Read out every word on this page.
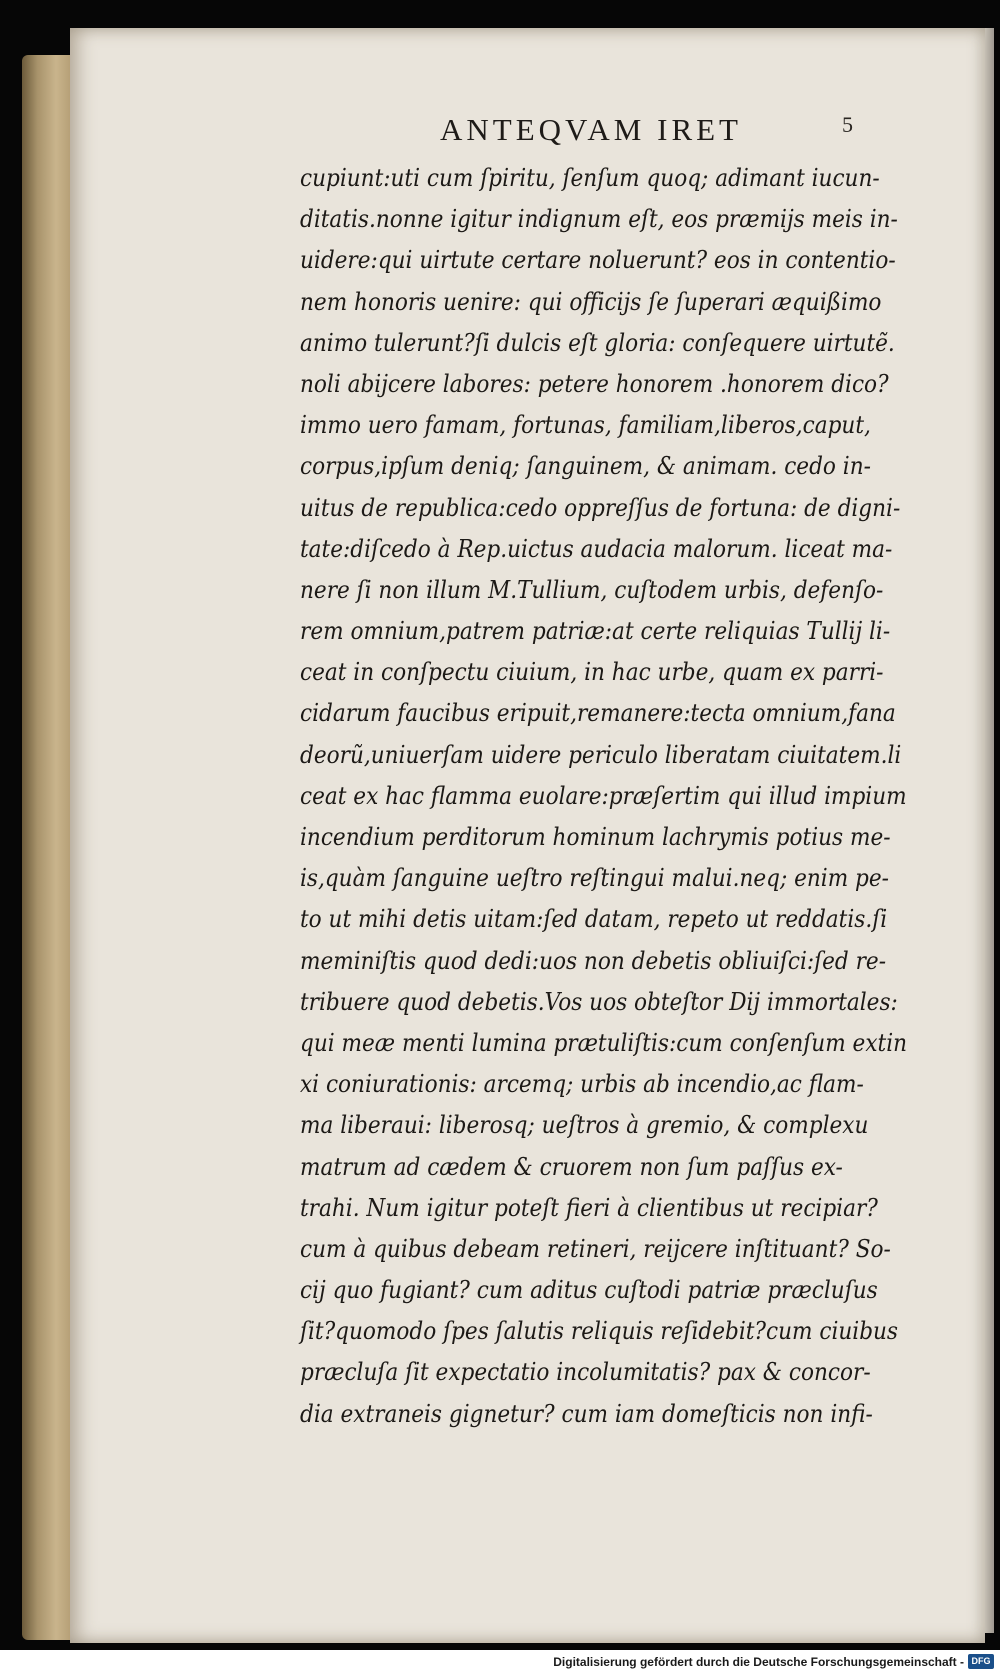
ANTEQVAM IRET	5
cupiunt:uti cum ſpiritu, ſenſum quoq; adimant iucun-
ditatis.nonne igitur indignum eſt, eos præmijs meis in-
uidere:qui uirtute certare noluerunt? eos in contentio-
nem honoris uenire: qui officijs ſe ſuperari æquißimo
animo tulerunt?ſi dulcis eſt gloria: conſequere uirtutẽ.
noli abijcere labores: petere honorem .honorem dico?
immo uero famam, fortunas, familiam,liberos,caput,
corpus,ipſum deniq; ſanguinem, & animam. cedo in-
uitus de republica:cedo oppreſſus de fortuna: de digni-
tate:diſcedo à Rep.uictus audacia malorum. liceat ma-
nere ſi non illum M.Tullium, cuſtodem urbis, defenſo-
rem omnium,patrem patriæ:at certe reliquias Tullij li-
ceat in conſpectu ciuium, in hac urbe, quam ex parri-
cidarum faucibus eripuit,remanere:tecta omnium,fana
deorũ,uniuerſam uidere periculo liberatam ciuitatem.li
ceat ex hac flamma euolare:præſertim qui illud impium
incendium perditorum hominum lachrymis potius me-
is,quàm ſanguine ueſtro reſtingui malui.neq; enim pe-
to ut mihi detis uitam:ſed datam, repeto ut reddatis.ſi
meminiſtis quod dedi:uos non debetis obliuiſci:ſed re-
tribuere quod debetis.Vos uos obteſtor Dij immortales:
qui meæ menti lumina prætuliſtis:cum conſenſum extin
xi coniurationis: arcemq; urbis ab incendio,ac flam-
ma liberaui: liberosq; ueſtros à gremio, & complexu
matrum ad cædem & cruorem non ſum paſſus ex-
trahi. Num igitur poteſt fieri à clientibus ut recipiar?
cum à quibus debeam retineri, reijcere inſtituant? So-
cij quo fugiant? cum aditus cuſtodi patriæ præcluſus
ſit?quomodo ſpes ſalutis reliquis reſidebit?cum ciuibus
præcluſa ſit expectatio incolumitatis? pax & concor-
dia extraneis gignetur? cum iam domeſticis non infi-
Digitalisierung gefördert durch die Deutsche Forschungsgemeinschaft - DFG
